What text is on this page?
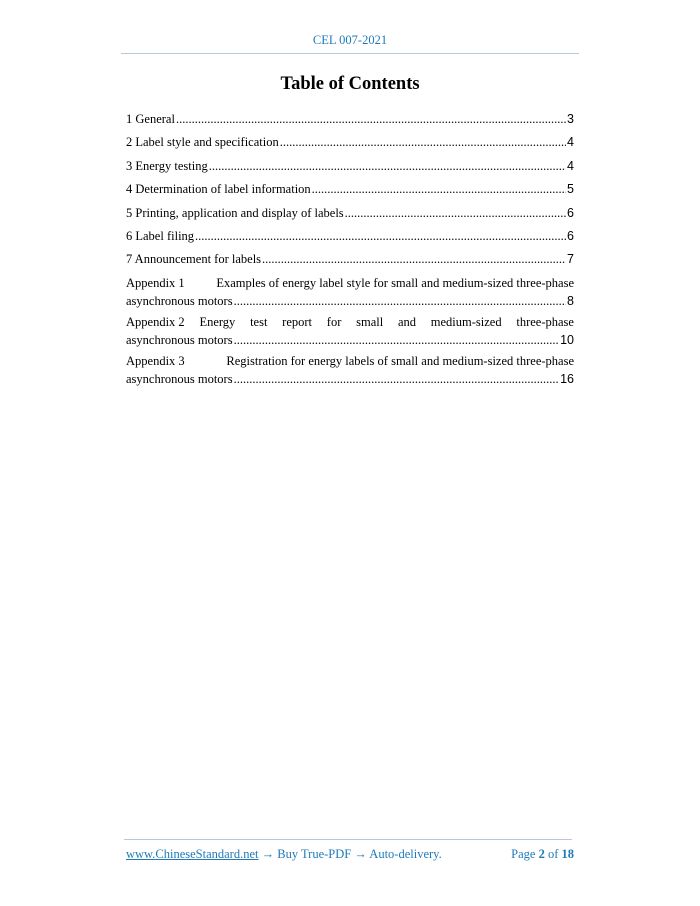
CEL 007-2021
Table of Contents
1 General .....	3
2 Label style and specification .....	4
3 Energy testing .....	4
4 Determination of label information .....	5
5 Printing, application and display of labels .....	6
6 Label filing .....	6
7 Announcement for labels .....	7
Appendix 1	Examples of energy label style for small and medium-sized three-phase
asynchronous motors .....	8
Appendix 2 Energy test report for small and medium-sized three-phase
asynchronous motors .....	10
Appendix 3	Registration for energy labels of small and medium-sized three-phase
asynchronous motors .....	16
www.ChineseStandard.net → Buy True-PDF → Auto-delivery.	Page 2 of 18
